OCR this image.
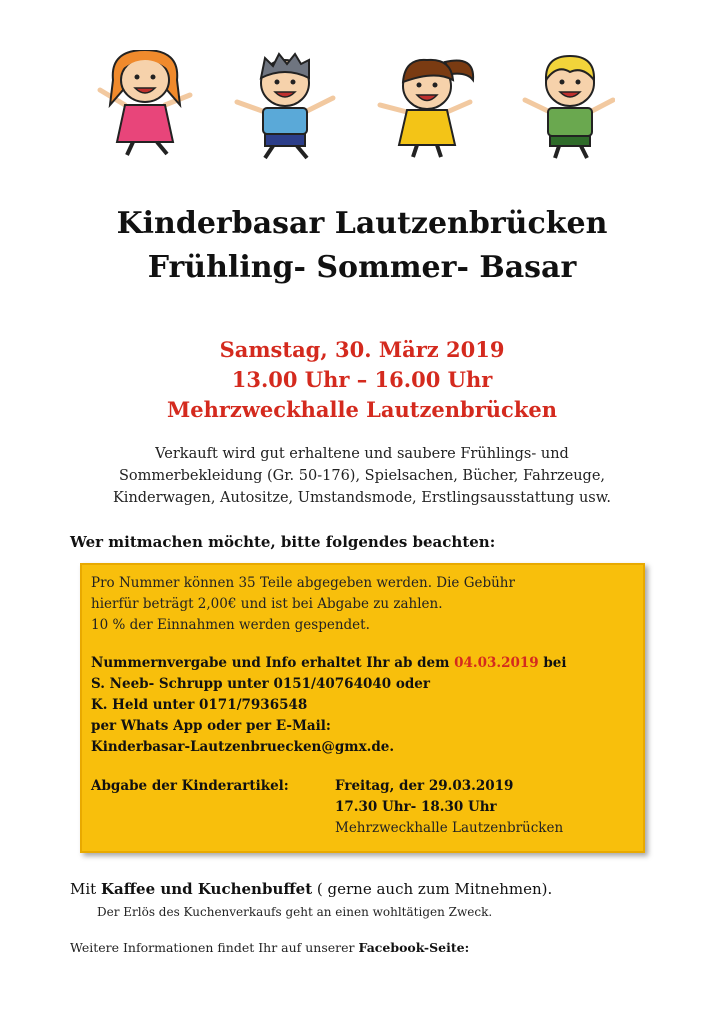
Kinderbasar Lautzenbrücken
Frühling- Sommer- Basar
Samstag, 30. März 2019
13.00 Uhr – 16.00 Uhr
Mehrzweckhalle Lautzenbrücken
Verkauft wird gut erhaltene und saubere Frühlings- und
Sommerbekleidung (Gr. 50-176), Spielsachen, Bücher, Fahrzeuge,
Kinderwagen, Autositze, Umstandsmode, Erstlingsausstattung usw.
Wer mitmachen möchte, bitte folgendes beachten:
Pro Nummer können 35 Teile abgegeben werden. Die Gebühr
hierfür beträgt 2,00€ und ist bei Abgabe zu zahlen.
10 % der Einnahmen werden gespendet.
Nummernvergabe und Info erhaltet Ihr ab dem 04.03.2019 bei
S. Neeb- Schrupp unter 0151/40764040 oder
K. Held unter 0171/7936548
per Whats App oder per E-Mail:
Kinderbasar-Lautzenbruecken@gmx.de.
Abgabe der Kinderartikel:	Freitag, der 29.03.2019
17.30 Uhr- 18.30 Uhr
Mehrzweckhalle Lautzenbrücken
Mit Kaffee und Kuchenbuffet ( gerne auch zum Mitnehmen).
Der Erlös des Kuchenverkaufs geht an einen wohltätigen Zweck.
Weitere Informationen findet Ihr auf unserer Facebook-Seite:
